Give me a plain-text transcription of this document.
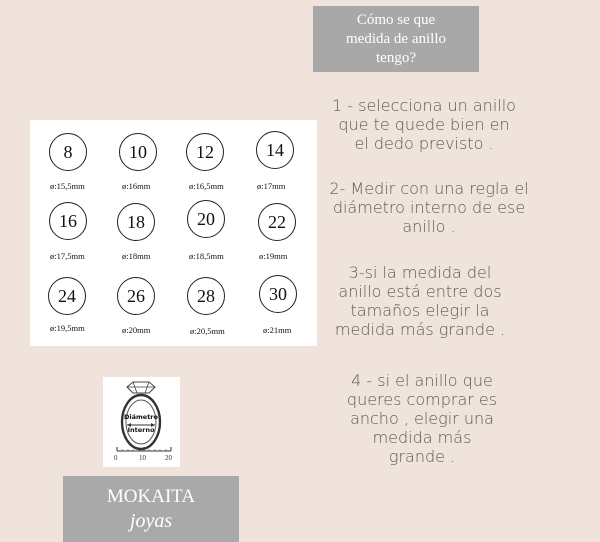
Cómo se que
medida de anillo
tengo?
1 - selecciona un anillo
que te quede bien en
el dedo previsto .
2- Medir con una regla el
diámetro interno de ese
anillo .
3-si la medida del
anillo está entre dos
tamaños elegir la
medida más grande .
4 - si el anillo que
queres comprar es
ancho , elegir una
medida más
grande .
8
ø:15,5mm
10
ø:16mm
12
ø:16,5mm
14
ø:17mm
16
ø:17,5mm
18
ø:18mm
20
ø:18,5mm
22
ø:19mm
24
ø:19,5mm
26
ø:20mm
28
ø:20,5mm
30
ø:21mm
Diámetro
Interno
0	10	20
MOKAITA
joyas
